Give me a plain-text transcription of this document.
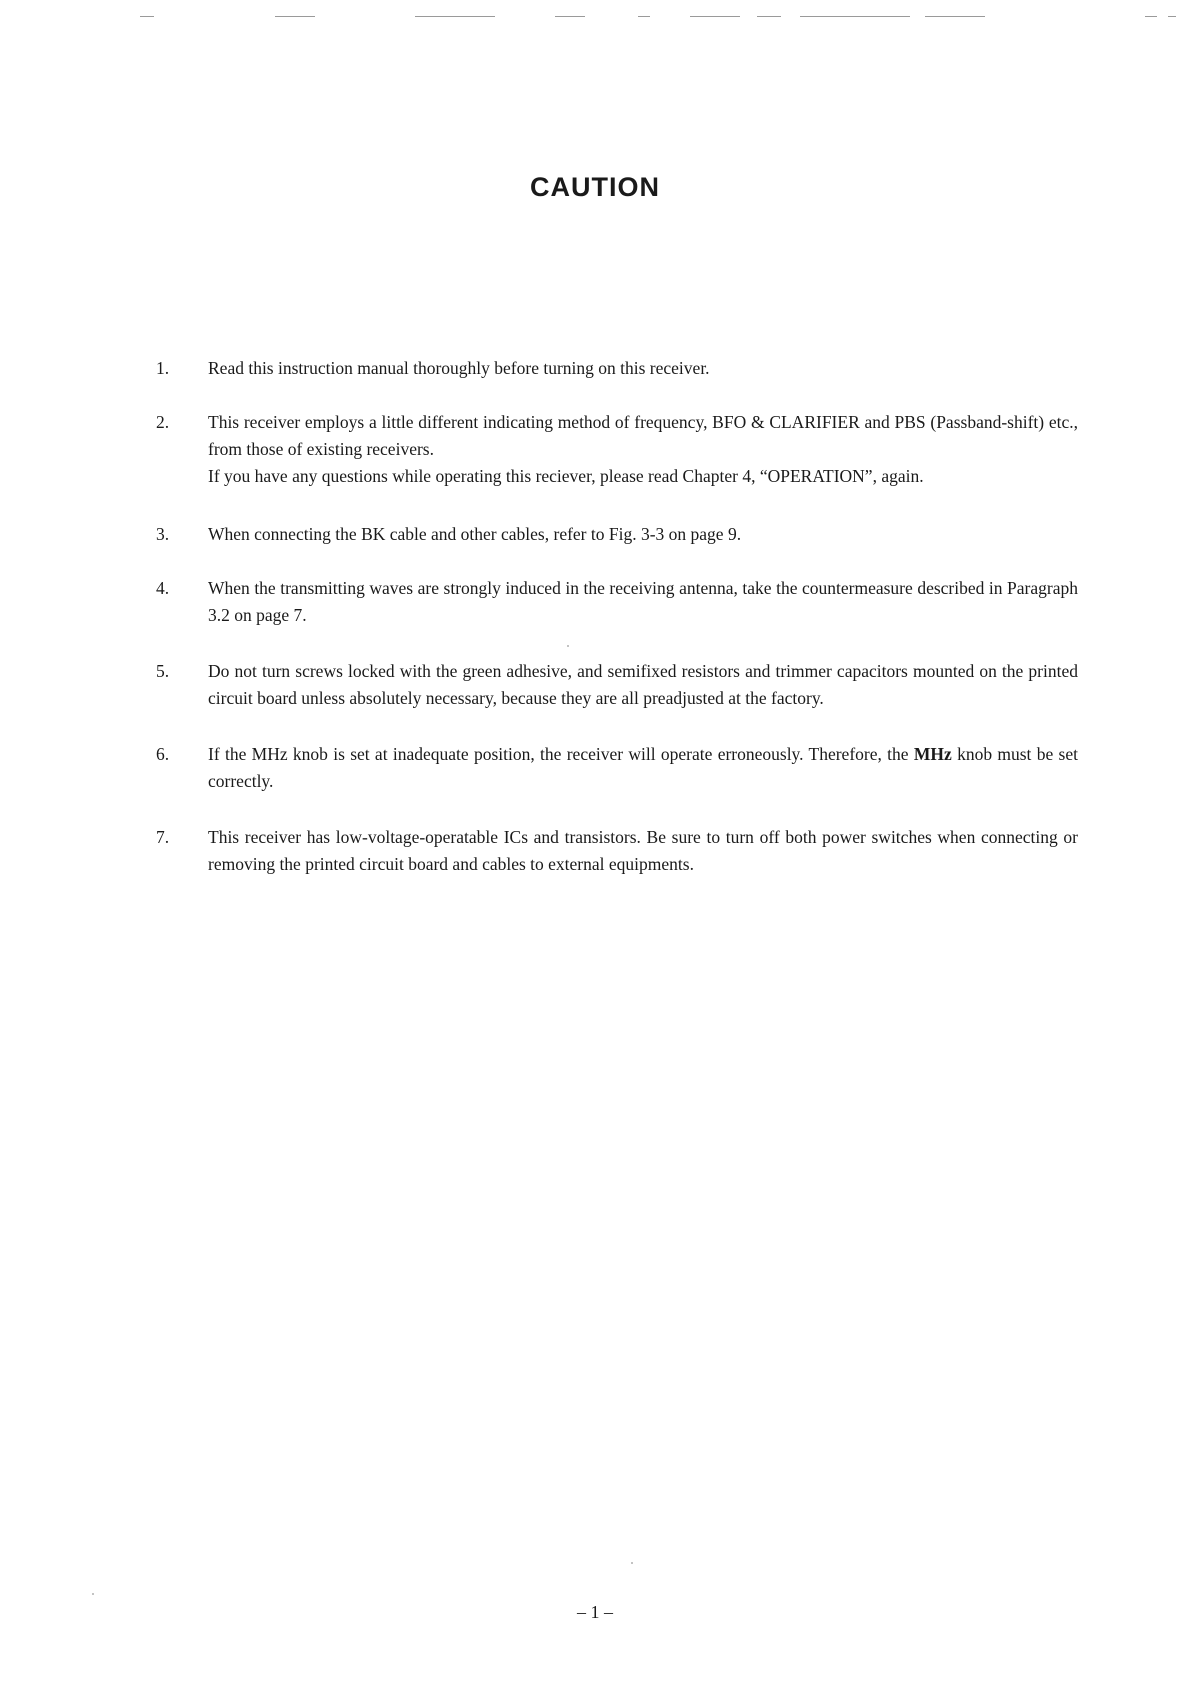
CAUTION
1.	Read this instruction manual thoroughly before turning on this receiver.

2.	This receiver employs a little different indicating method of frequency, BFO & CLARIFIER and PBS (Passband-shift) etc., from those of existing receivers.

If you have any questions while operating this reciever, please read Chapter 4, “OPERATION”, again.

3.	When connecting the BK cable and other cables, refer to Fig. 3-3 on page 9.

4.	When the transmitting waves are strongly induced in the receiving antenna, take the countermeasure described in Paragraph 3.2 on page 7.

5.	Do not turn screws locked with the green adhesive, and semifixed resistors and trimmer capacitors mounted on the printed circuit board unless absolutely necessary, because they are all preadjusted at the factory.

6.	If the MHz knob is set at inadequate position, the receiver will operate erroneously. Therefore, the MHz knob must be set correctly.

7.	This receiver has low-voltage-operatable ICs and transistors. Be sure to turn off both power switches when connecting or removing the printed circuit board and cables to external equipments.

– 1 –
